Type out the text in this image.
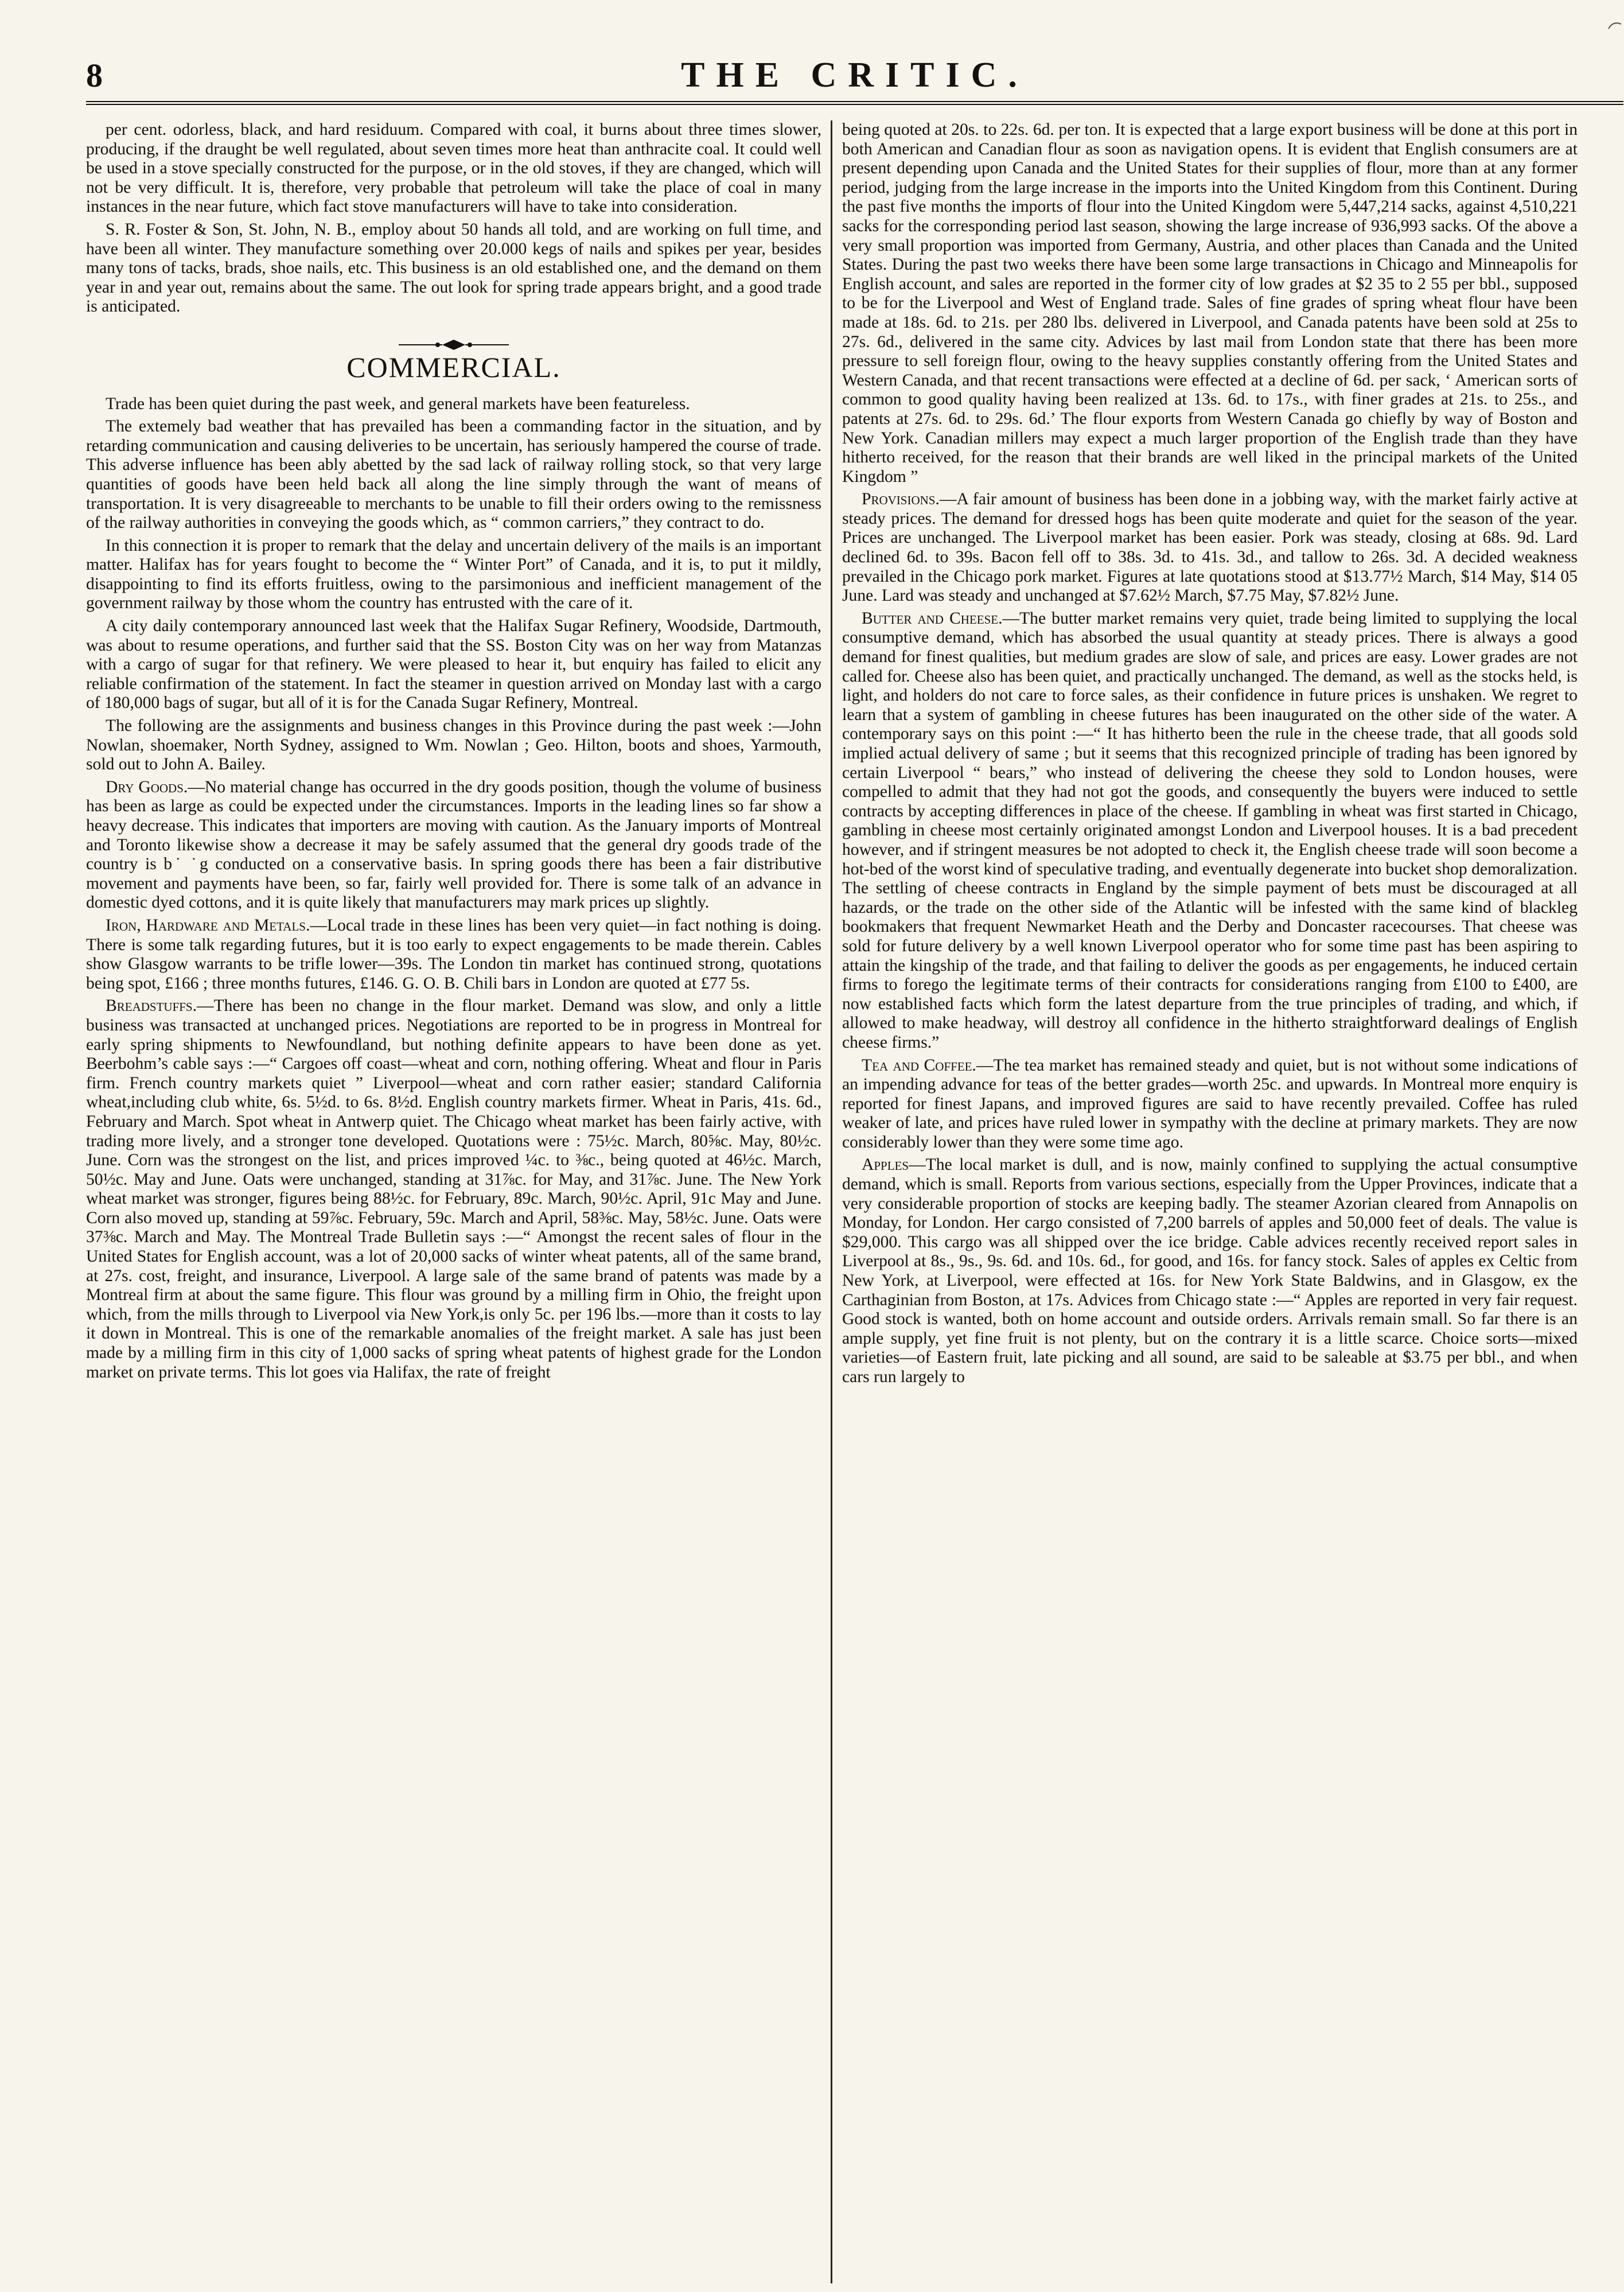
8	THE CRITIC.

per cent. odorless, black, and hard residuum. Compared with coal, it burns about three times slower, producing, if the draught be well regulated, about seven times more heat than anthracite coal. It could well be used in a stove specially constructed for the purpose, or in the old stoves, if they are changed, which will not be very difficult. It is, therefore, very probable that petroleum will take the place of coal in many instances in the near future, which fact stove manufacturers will have to take into consideration.

S. R. Foster & Son, St. John, N. B., employ about 50 hands all told, and are working on full time, and have been all winter. They manufacture something over 20.000 kegs of nails and spikes per year, besides many tons of tacks, brads, shoe nails, etc. This business is an old established one, and the demand on them year in and year out, remains about the same. The out look for spring trade appears bright, and a good trade is anticipated.

COMMERCIAL.

Trade has been quiet during the past week, and general markets have been featureless.

The extemely bad weather that has prevailed has been a commanding factor in the situation, and by retarding communication and causing deliveries to be uncertain, has seriously hampered the course of trade. This adverse influence has been ably abetted by the sad lack of railway rolling stock, so that very large quantities of goods have been held back all along the line simply through the want of means of transportation. It is very disagreeable to merchants to be unable to fill their orders owing to the remissness of the railway authorities in conveying the goods which, as “ common carriers,” they contract to do.

In this connection it is proper to remark that the delay and uncertain delivery of the mails is an important matter. Halifax has for years fought to become the “ Winter Port” of Canada, and it is, to put it mildly, disappointing to find its efforts fruitless, owing to the parsimonious and inefficient management of the government railway by those whom the country has entrusted with the care of it.

A city daily contemporary announced last week that the Halifax Sugar Refinery, Woodside, Dartmouth, was about to resume operations, and further said that the SS. Boston City was on her way from Matanzas with a cargo of sugar for that refinery. We were pleased to hear it, but enquiry has failed to elicit any reliable confirmation of the statement. In fact the steamer in question arrived on Monday last with a cargo of 180,000 bags of sugar, but all of it is for the Canada Sugar Refinery, Montreal.

The following are the assignments and business changes in this Province during the past week :—John Nowlan, shoemaker, North Sydney, assigned to Wm. Nowlan ; Geo. Hilton, boots and shoes, Yarmouth, sold out to John A. Bailey.

Dry Goods.—No material change has occurred in the dry goods position, though the volume of business has been as large as could be expected under the circumstances. Imports in the leading lines so far show a heavy decrease. This indicates that importers are moving with caution. As the January imports of Montreal and Toronto likewise show a decrease it may be safely assumed that the general dry goods trade of the country is b˙ ˙g conducted on a conservative basis. In spring goods there has been a fair distributive movement and payments have been, so far, fairly well provided for. There is some talk of an advance in domestic dyed cottons, and it is quite likely that manufacturers may mark prices up slightly.

Iron, Hardware and Metals.—Local trade in these lines has been very quiet—in fact nothing is doing. There is some talk regarding futures, but it is too early to expect engagements to be made therein. Cables show Glasgow warrants to be trifle lower—39s. The London tin market has continued strong, quotations being spot, £166 ; three months futures, £146. G. O. B. Chili bars in London are quoted at £77 5s.

Breadstuffs.—There has been no change in the flour market. Demand was slow, and only a little business was transacted at unchanged prices. Negotiations are reported to be in progress in Montreal for early spring shipments to Newfoundland, but nothing definite appears to have been done as yet. Beerbohm’s cable says :—“ Cargoes off coast—wheat and corn, nothing offering. Wheat and flour in Paris firm. French country markets quiet ” Liverpool—wheat and corn rather easier; standard California wheat,including club white, 6s. 5½d. to 6s. 8½d. English country markets firmer. Wheat in Paris, 41s. 6d., February and March. Spot wheat in Antwerp quiet. The Chicago wheat market has been fairly active, with trading more lively, and a stronger tone developed. Quotations were : 75½c. March, 80⅝c. May, 80½c. June. Corn was the strongest on the list, and prices improved ¼c. to ⅜c., being quoted at 46½c. March, 50½c. May and June. Oats were unchanged, standing at 31⅞c. for May, and 31⅞c. June. The New York wheat market was stronger, figures being 88½c. for February, 89c. March, 90½c. April, 91c May and June. Corn also moved up, standing at 59⅞c. February, 59c. March and April, 58⅜c. May, 58½c. June. Oats were 37⅜c. March and May. The Montreal Trade Bulletin says :—“ Amongst the recent sales of flour in the United States for English account, was a lot of 20,000 sacks of winter wheat patents, all of the same brand, at 27s. cost, freight, and insurance, Liverpool. A large sale of the same brand of patents was made by a Montreal firm at about the same figure. This flour was ground by a milling firm in Ohio, the freight upon which, from the mills through to Liverpool via New York,is only 5c. per 196 lbs.—more than it costs to lay it down in Montreal. This is one of the remarkable anomalies of the freight market. A sale has just been made by a milling firm in this city of 1,000 sacks of spring wheat patents of highest grade for the London market on private terms. This lot goes via Halifax, the rate of freight

being quoted at 20s. to 22s. 6d. per ton. It is expected that a large export business will be done at this port in both American and Canadian flour as soon as navigation opens. It is evident that English consumers are at present depending upon Canada and the United States for their supplies of flour, more than at any former period, judging from the large increase in the imports into the United Kingdom from this Continent. During the past five months the imports of flour into the United Kingdom were 5,447,214 sacks, against 4,510,221 sacks for the corresponding period last season, showing the large increase of 936,993 sacks. Of the above a very small proportion was imported from Germany, Austria, and other places than Canada and the United States. During the past two weeks there have been some large transactions in Chicago and Minneapolis for English account, and sales are reported in the former city of low grades at $2 35 to 2 55 per bbl., supposed to be for the Liverpool and West of England trade. Sales of fine grades of spring wheat flour have been made at 18s. 6d. to 21s. per 280 lbs. delivered in Liverpool, and Canada patents have been sold at 25s to 27s. 6d., delivered in the same city. Advices by last mail from London state that there has been more pressure to sell foreign flour, owing to the heavy supplies constantly offering from the United States and Western Canada, and that recent transactions were effected at a decline of 6d. per sack, ‘ American sorts of common to good quality having been realized at 13s. 6d. to 17s., with finer grades at 21s. to 25s., and patents at 27s. 6d. to 29s. 6d.’ The flour exports from Western Canada go chiefly by way of Boston and New York. Canadian millers may expect a much larger proportion of the English trade than they have hitherto received, for the reason that their brands are well liked in the principal markets of the United Kingdom ”

Provisions.—A fair amount of business has been done in a jobbing way, with the market fairly active at steady prices. The demand for dressed hogs has been quite moderate and quiet for the season of the year. Prices are unchanged. The Liverpool market has been easier. Pork was steady, closing at 68s. 9d. Lard declined 6d. to 39s. Bacon fell off to 38s. 3d. to 41s. 3d., and tallow to 26s. 3d. A decided weakness prevailed in the Chicago pork market. Figures at late quotations stood at $13.77½ March, $14 May, $14 05 June. Lard was steady and unchanged at $7.62½ March, $7.75 May, $7.82½ June.

Butter and Cheese.—The butter market remains very quiet, trade being limited to supplying the local consumptive demand, which has absorbed the usual quantity at steady prices. There is always a good demand for finest qualities, but medium grades are slow of sale, and prices are easy. Lower grades are not called for. Cheese also has been quiet, and practically unchanged. The demand, as well as the stocks held, is light, and holders do not care to force sales, as their confidence in future prices is unshaken. We regret to learn that a system of gambling in cheese futures has been inaugurated on the other side of the water. A contemporary says on this point :—“ It has hitherto been the rule in the cheese trade, that all goods sold implied actual delivery of same ; but it seems that this recognized principle of trading has been ignored by certain Liverpool “ bears,” who instead of delivering the cheese they sold to London houses, were compelled to admit that they had not got the goods, and consequently the buyers were induced to settle contracts by accepting differences in place of the cheese. If gambling in wheat was first started in Chicago, gambling in cheese most certainly originated amongst London and Liverpool houses. It is a bad precedent however, and if stringent measures be not adopted to check it, the English cheese trade will soon become a hot-bed of the worst kind of speculative trading, and eventually degenerate into bucket shop demoralization. The settling of cheese contracts in England by the simple payment of bets must be discouraged at all hazards, or the trade on the other side of the Atlantic will be infested with the same kind of blackleg bookmakers that frequent Newmarket Heath and the Derby and Doncaster racecourses. That cheese was sold for future delivery by a well known Liverpool operator who for some time past has been aspiring to attain the kingship of the trade, and that failing to deliver the goods as per engagements, he induced certain firms to forego the legitimate terms of their contracts for considerations ranging from £100 to £400, are now established facts which form the latest departure from the true principles of trading, and which, if allowed to make headway, will destroy all confidence in the hitherto straightforward dealings of English cheese firms.”

Tea and Coffee.—The tea market has remained steady and quiet, but is not without some indications of an impending advance for teas of the better grades—worth 25c. and upwards. In Montreal more enquiry is reported for finest Japans, and improved figures are said to have recently prevailed. Coffee has ruled weaker of late, and prices have ruled lower in sympathy with the decline at primary markets. They are now considerably lower than they were some time ago.

Apples—The local market is dull, and is now, mainly confined to supplying the actual consumptive demand, which is small. Reports from various sections, especially from the Upper Provinces, indicate that a very considerable proportion of stocks are keeping badly. The steamer Azorian cleared from Annapolis on Monday, for London. Her cargo consisted of 7,200 barrels of apples and 50,000 feet of deals. The value is $29,000. This cargo was all shipped over the ice bridge. Cable advices recently received report sales in Liverpool at 8s., 9s., 9s. 6d. and 10s. 6d., for good, and 16s. for fancy stock. Sales of apples ex Celtic from New York, at Liverpool, were effected at 16s. for New York State Baldwins, and in Glasgow, ex the Carthaginian from Boston, at 17s. Advices from Chicago state :—“ Apples are reported in very fair request. Good stock is wanted, both on home account and outside orders. Arrivals remain small. So far there is an ample supply, yet fine fruit is not plenty, but on the contrary it is a little scarce. Choice sorts—mixed varieties—of Eastern fruit, late picking and all sound, are said to be saleable at $3.75 per bbl., and when cars run largely to
